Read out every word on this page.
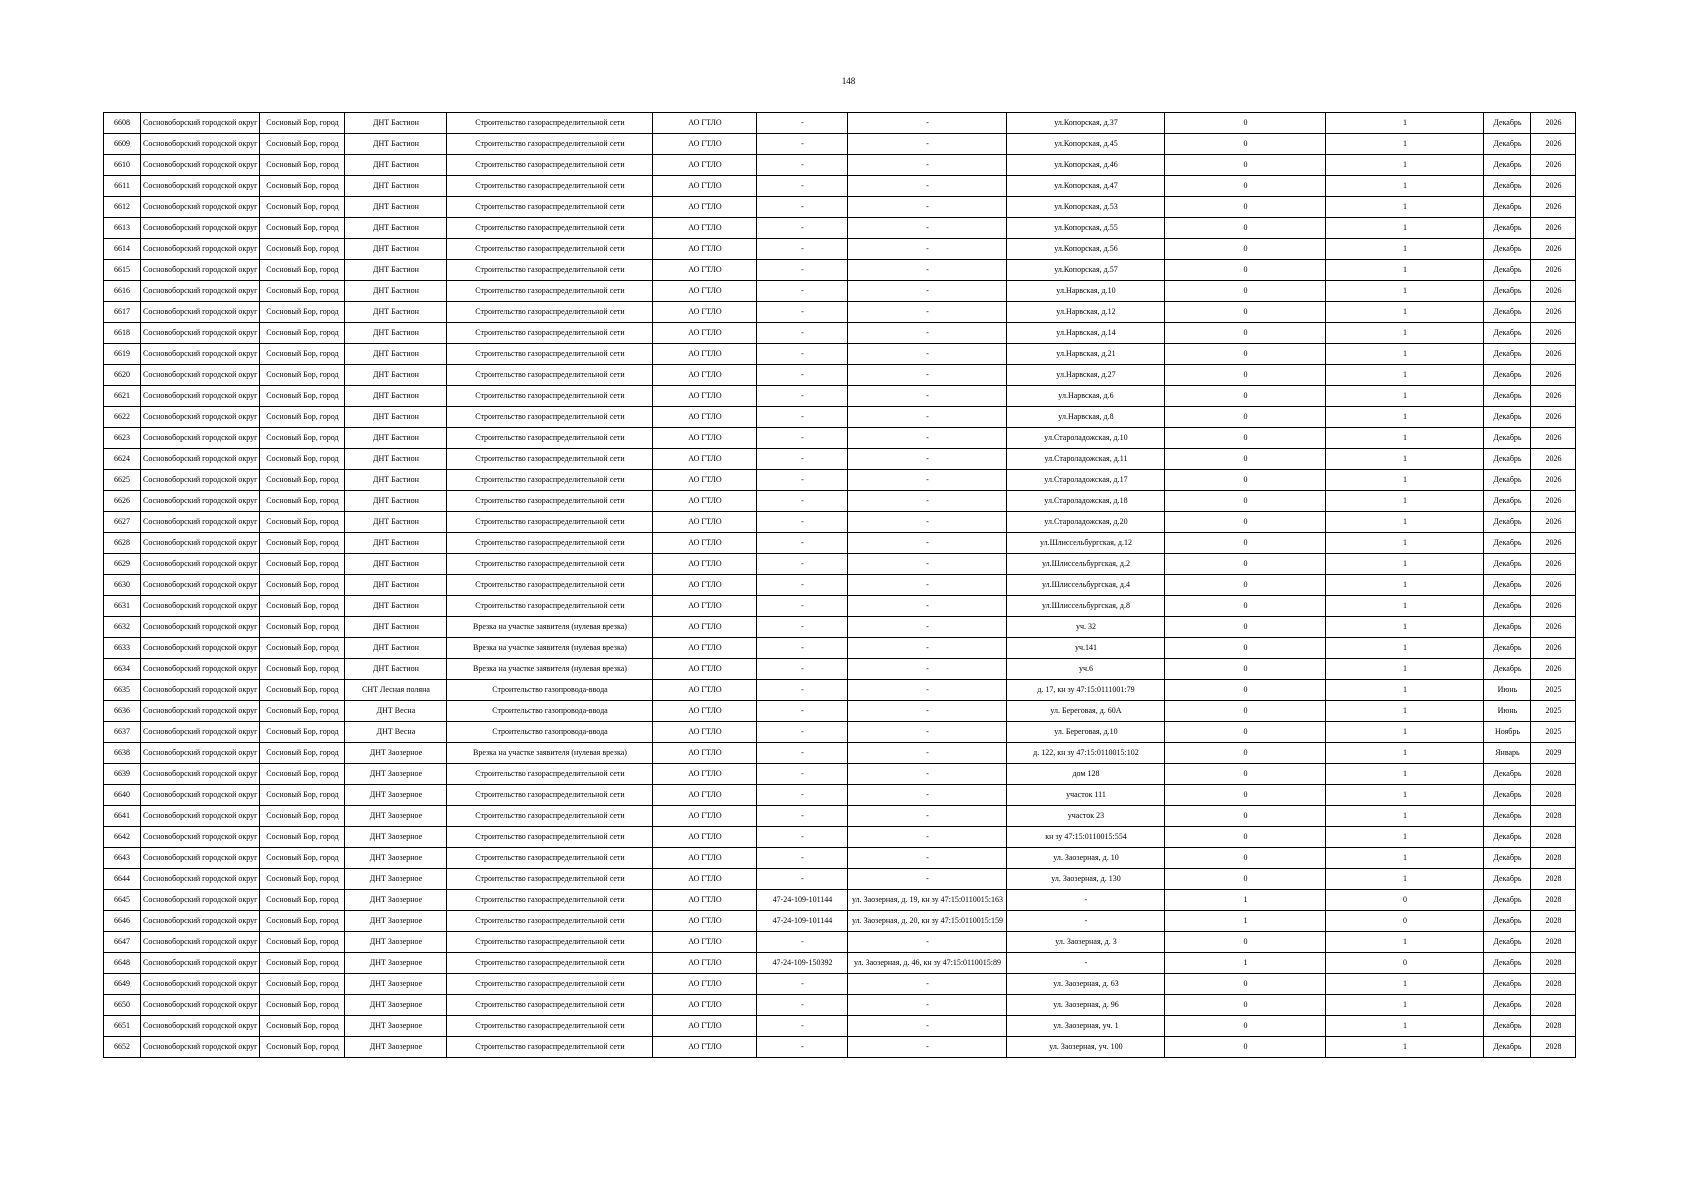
148
6608	Сосновоборский городской округ	Сосновый Бор, город	ДНТ Бастион	Строительство газораспределительной сети	АО ГТЛО	-	-	ул.Копорская, д.37	0	1	Декабрь	2026
6609	Сосновоборский городской округ	Сосновый Бор, город	ДНТ Бастион	Строительство газораспределительной сети	АО ГТЛО	-	-	ул.Копорская, д.45	0	1	Декабрь	2026
6610	Сосновоборский городской округ	Сосновый Бор, город	ДНТ Бастион	Строительство газораспределительной сети	АО ГТЛО	-	-	ул.Копорская, д.46	0	1	Декабрь	2026
6611	Сосновоборский городской округ	Сосновый Бор, город	ДНТ Бастион	Строительство газораспределительной сети	АО ГТЛО	-	-	ул.Копорская, д.47	0	1	Декабрь	2026
6612	Сосновоборский городской округ	Сосновый Бор, город	ДНТ Бастион	Строительство газораспределительной сети	АО ГТЛО	-	-	ул.Копорская, д.53	0	1	Декабрь	2026
6613	Сосновоборский городской округ	Сосновый Бор, город	ДНТ Бастион	Строительство газораспределительной сети	АО ГТЛО	-	-	ул.Копорская, д.55	0	1	Декабрь	2026
6614	Сосновоборский городской округ	Сосновый Бор, город	ДНТ Бастион	Строительство газораспределительной сети	АО ГТЛО	-	-	ул.Копорская, д.56	0	1	Декабрь	2026
6615	Сосновоборский городской округ	Сосновый Бор, город	ДНТ Бастион	Строительство газораспределительной сети	АО ГТЛО	-	-	ул.Копорская, д.57	0	1	Декабрь	2026
6616	Сосновоборский городской округ	Сосновый Бор, город	ДНТ Бастион	Строительство газораспределительной сети	АО ГТЛО	-	-	ул.Нарвская, д.10	0	1	Декабрь	2026
6617	Сосновоборский городской округ	Сосновый Бор, город	ДНТ Бастион	Строительство газораспределительной сети	АО ГТЛО	-	-	ул.Нарвская, д.12	0	1	Декабрь	2026
6618	Сосновоборский городской округ	Сосновый Бор, город	ДНТ Бастион	Строительство газораспределительной сети	АО ГТЛО	-	-	ул.Нарвская, д.14	0	1	Декабрь	2026
6619	Сосновоборский городской округ	Сосновый Бор, город	ДНТ Бастион	Строительство газораспределительной сети	АО ГТЛО	-	-	ул.Нарвская, д.21	0	1	Декабрь	2026
6620	Сосновоборский городской округ	Сосновый Бор, город	ДНТ Бастион	Строительство газораспределительной сети	АО ГТЛО	-	-	ул.Нарвская, д.27	0	1	Декабрь	2026
6621	Сосновоборский городской округ	Сосновый Бор, город	ДНТ Бастион	Строительство газораспределительной сети	АО ГТЛО	-	-	ул.Нарвская, д.6	0	1	Декабрь	2026
6622	Сосновоборский городской округ	Сосновый Бор, город	ДНТ Бастион	Строительство газораспределительной сети	АО ГТЛО	-	-	ул.Нарвская, д.8	0	1	Декабрь	2026
6623	Сосновоборский городской округ	Сосновый Бор, город	ДНТ Бастион	Строительство газораспределительной сети	АО ГТЛО	-	-	ул.Староладожская, д.10	0	1	Декабрь	2026
6624	Сосновоборский городской округ	Сосновый Бор, город	ДНТ Бастион	Строительство газораспределительной сети	АО ГТЛО	-	-	ул.Староладожская, д.11	0	1	Декабрь	2026
6625	Сосновоборский городской округ	Сосновый Бор, город	ДНТ Бастион	Строительство газораспределительной сети	АО ГТЛО	-	-	ул.Староладожская, д.17	0	1	Декабрь	2026
6626	Сосновоборский городской округ	Сосновый Бор, город	ДНТ Бастион	Строительство газораспределительной сети	АО ГТЛО	-	-	ул.Староладожская, д.18	0	1	Декабрь	2026
6627	Сосновоборский городской округ	Сосновый Бор, город	ДНТ Бастион	Строительство газораспределительной сети	АО ГТЛО	-	-	ул.Староладожская, д.20	0	1	Декабрь	2026
6628	Сосновоборский городской округ	Сосновый Бор, город	ДНТ Бастион	Строительство газораспределительной сети	АО ГТЛО	-	-	ул.Шлиссельбургская, д.12	0	1	Декабрь	2026
6629	Сосновоборский городской округ	Сосновый Бор, город	ДНТ Бастион	Строительство газораспределительной сети	АО ГТЛО	-	-	ул.Шлиссельбургская, д.2	0	1	Декабрь	2026
6630	Сосновоборский городской округ	Сосновый Бор, город	ДНТ Бастион	Строительство газораспределительной сети	АО ГТЛО	-	-	ул.Шлиссельбургская, д.4	0	1	Декабрь	2026
6631	Сосновоборский городской округ	Сосновый Бор, город	ДНТ Бастион	Строительство газораспределительной сети	АО ГТЛО	-	-	ул.Шлиссельбургская, д.8	0	1	Декабрь	2026
6632	Сосновоборский городской округ	Сосновый Бор, город	ДНТ Бастион	Врезка на участке заявителя (нулевая врезка)	АО ГТЛО	-	-	уч. 32	0	1	Декабрь	2026
6633	Сосновоборский городской округ	Сосновый Бор, город	ДНТ Бастион	Врезка на участке заявителя (нулевая врезка)	АО ГТЛО	-	-	уч.141	0	1	Декабрь	2026
6634	Сосновоборский городской округ	Сосновый Бор, город	ДНТ Бастион	Врезка на участке заявителя (нулевая врезка)	АО ГТЛО	-	-	уч.6	0	1	Декабрь	2026
6635	Сосновоборский городской округ	Сосновый Бор, город	СНТ Лесная поляна	Строительство газопровода-ввода	АО ГТЛО	-	-	д. 17, кн зу 47:15:0111001:79	0	1	Июнь	2025
6636	Сосновоборский городской округ	Сосновый Бор, город	ДНТ Весна	Строительство газопровода-ввода	АО ГТЛО	-	-	ул. Береговая, д. 60А	0	1	Июнь	2025
6637	Сосновоборский городской округ	Сосновый Бор, город	ДНТ Весна	Строительство газопровода-ввода	АО ГТЛО	-	-	ул. Береговая, д.10	0	1	Ноябрь	2025
6638	Сосновоборский городской округ	Сосновый Бор, город	ДНТ Заозерное	Врезка на участке заявителя (нулевая врезка)	АО ГТЛО	-	-	д. 122, кн зу 47:15:0110015:102	0	1	Январь	2029
6639	Сосновоборский городской округ	Сосновый Бор, город	ДНТ Заозерное	Строительство газораспределительной сети	АО ГТЛО	-	-	дом 128	0	1	Декабрь	2028
6640	Сосновоборский городской округ	Сосновый Бор, город	ДНТ Заозерное	Строительство газораспределительной сети	АО ГТЛО	-	-	участок 111	0	1	Декабрь	2028
6641	Сосновоборский городской округ	Сосновый Бор, город	ДНТ Заозерное	Строительство газораспределительной сети	АО ГТЛО	-	-	участок 23	0	1	Декабрь	2028
6642	Сосновоборский городской округ	Сосновый Бор, город	ДНТ Заозерное	Строительство газораспределительной сети	АО ГТЛО	-	-	кн зу 47:15:0110015:554	0	1	Декабрь	2028
6643	Сосновоборский городской округ	Сосновый Бор, город	ДНТ Заозерное	Строительство газораспределительной сети	АО ГТЛО	-	-	ул. Заозерная, д. 10	0	1	Декабрь	2028
6644	Сосновоборский городской округ	Сосновый Бор, город	ДНТ Заозерное	Строительство газораспределительной сети	АО ГТЛО	-	-	ул. Заозерная, д. 130	0	1	Декабрь	2028
6645	Сосновоборский городской округ	Сосновый Бор, город	ДНТ Заозерное	Строительство газораспределительной сети	АО ГТЛО	47-24-109-101144	ул. Заозерная, д. 19, кн зу 47:15:0110015:163	-	1	0	Декабрь	2028
6646	Сосновоборский городской округ	Сосновый Бор, город	ДНТ Заозерное	Строительство газораспределительной сети	АО ГТЛО	47-24-109-101144	ул. Заозерная, д. 20, кн зу 47:15:0110015:159	-	1	0	Декабрь	2028
6647	Сосновоборский городской округ	Сосновый Бор, город	ДНТ Заозерное	Строительство газораспределительной сети	АО ГТЛО	-	-	ул. Заозерная, д. 3	0	1	Декабрь	2028
6648	Сосновоборский городской округ	Сосновый Бор, город	ДНТ Заозерное	Строительство газораспределительной сети	АО ГТЛО	47-24-109-150392	ул. Заозерная, д. 46, кн зу 47:15:0110015:89	-	1	0	Декабрь	2028
6649	Сосновоборский городской округ	Сосновый Бор, город	ДНТ Заозерное	Строительство газораспределительной сети	АО ГТЛО	-	-	ул. Заозерная, д. 63	0	1	Декабрь	2028
6650	Сосновоборский городской округ	Сосновый Бор, город	ДНТ Заозерное	Строительство газораспределительной сети	АО ГТЛО	-	-	ул. Заозерная, д. 96	0	1	Декабрь	2028
6651	Сосновоборский городской округ	Сосновый Бор, город	ДНТ Заозерное	Строительство газораспределительной сети	АО ГТЛО	-	-	ул. Заозерная, уч. 1	0	1	Декабрь	2028
6652	Сосновоборский городской округ	Сосновый Бор, город	ДНТ Заозерное	Строительство газораспределительной сети	АО ГТЛО	-	-	ул. Заозерная, уч. 100	0	1	Декабрь	2028
